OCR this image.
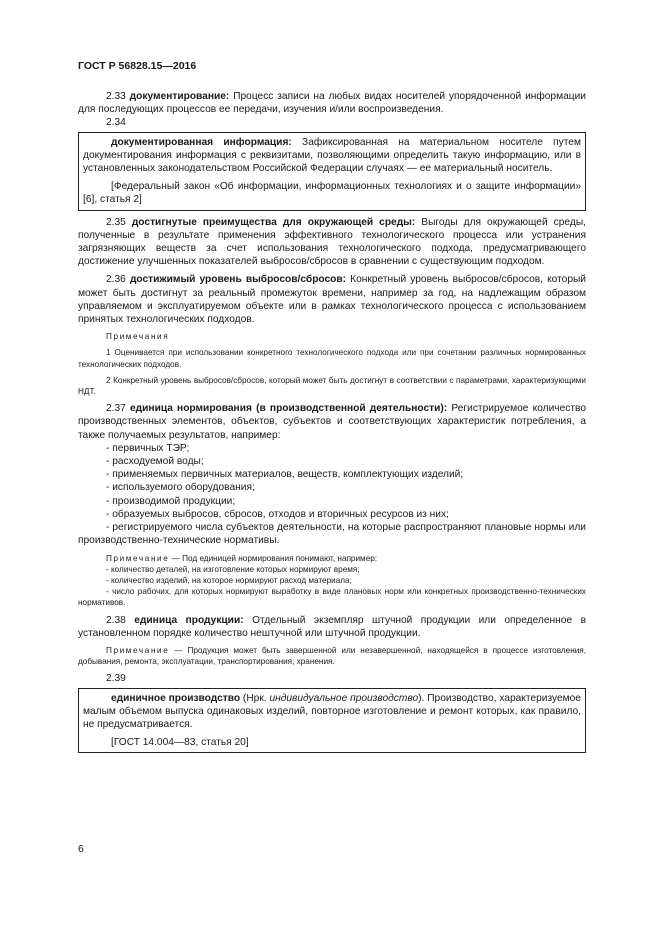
ГОСТ Р 56828.15—2016

2.33 документирование: Процесс записи на любых видах носителей упорядоченной информации для последующих процессов ее передачи, изучения и/или воспроизведения.

2.34

документированная информация: Зафиксированная на материальном носителе путем документирования информация с реквизитами, позволяющими определить такую информацию, или в установленных законодательством Российской Федерации случаях — ее материальный носитель.

[Федеральный закон «Об информации, информационных технологиях и о защите информации» [6], статья 2]

2.35 достигнутые преимущества для окружающей среды: Выгоды для окружающей среды, полученные в результате применения эффективного технологического процесса или устранения загрязняющих веществ за счет использования технологического подхода, предусматривающего достижение улучшенных показателей выбросов/сбросов в сравнении с существующим подходом.

2.36 достижимый уровень выбросов/сбросов: Конкретный уровень выбросов/сбросов, который может быть достигнут за реальный промежуток времени, например за год, на надлежащим образом управляемом и эксплуатируемом объекте или в рамках технологического процесса с использованием принятых технологических подходов.

Примечания

1 Оценивается при использовании конкретного технологического подхода или при сочетании различных нормированных технологических подходов.

2 Конкретный уровень выбросов/сбросов, который может быть достигнут в соответствии с параметрами, характеризующими НДТ.

2.37 единица нормирования (в производственной деятельности): Регистрируемое количество производственных элементов, объектов, субъектов и соответствующих характеристик потребления, а также получаемых результатов, например:

- первичных ТЭР;

- расходуемой воды;

- применяемых первичных материалов, веществ, комплектующих изделий;

- используемого оборудования;

- производимой продукции;

- образуемых выбросов, сбросов, отходов и вторичных ресурсов из них;

- регистрируемого числа субъектов деятельности, на которые распространяют плановые нормы или производственно-технические нормативы.

Примечание — Под единицей нормирования понимают, например:

- количество деталей, на изготовление которых нормируют время;

- количество изделий, на которое нормируют расход материала;

- число рабочих, для которых нормируют выработку в виде плановых норм или конкретных производственно-технических нормативов.

2.38 единица продукции: Отдельный экземпляр штучной продукции или определенное в установленном порядке количество нештучной или штучной продукции.

Примечание — Продукция может быть завершенной или незавершенной, находящейся в процессе изготовления, добывания, ремонта, эксплуатации, транспортирования, хранения.

2.39

единичное производство (Нрк. индивидуальное производство). Производство, характеризуемое малым объемом выпуска одинаковых изделий, повторное изготовление и ремонт которых, как правило, не предусматривается.

[ГОСТ 14.004—83, статья 20]

6
